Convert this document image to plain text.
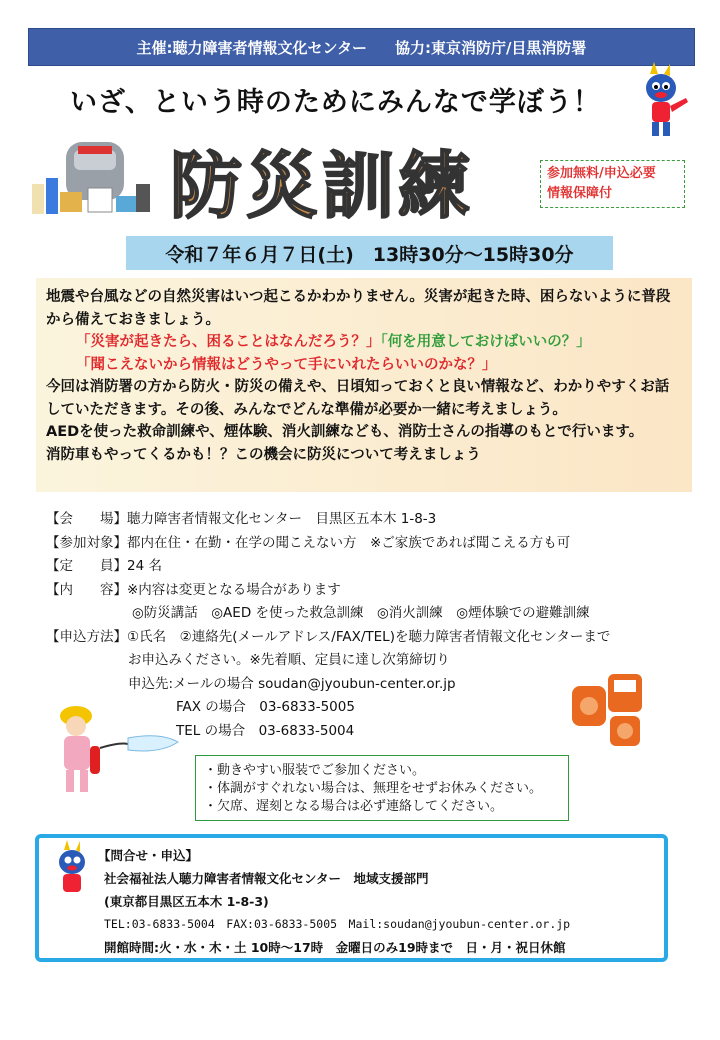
主催:聴力障害者情報文化センター 協力:東京消防庁/目黒消防署
いざ、という時のためにみんなで学ぼう！
防災訓練	参加無料/申込必要
情報保障付
令和７年６月７日(土)　13時30分～15時30分

地震や台風などの自然災害はいつ起こるかわかりません。災害が起きた時、困らないように普段から備えておきましょう。

「災害が起きたら、困ることはなんだろう？」「何を用意しておけばいいの？」

「聞こえないから情報はどうやって手にいれたらいいのかな？」

今回は消防署の方から防火・防災の備えや、日頃知っておくと良い情報など、わかりやすくお話していただきます。その後、みんなでどんな準備が必要か一緒に考えましょう。

AEDを使った救命訓練や、煙体験、消火訓練なども、消防士さんの指導のもとで行います。

消防車もやってくるかも！？この機会に防災について考えましょう

【会　　場】聴力障害者情報文化センター　目黒区五本木 1-8-3
【参加対象】都内在住・在勤・在学の聞こえない方　※ご家族であれば聞こえる方も可
【定　　員】24 名
【内　　容】※内容は変更となる場合があります
◎防災講話　◎AED を使った救急訓練　◎消火訓練　◎煙体験での避難訓練
【申込方法】①氏名　②連絡先(メールアドレス/FAX/TEL)を聴力障害者情報文化センターまで
お申込みください。※先着順、定員に達し次第締切り
申込先:メールの場合 soudan@jyoubun-center.or.jp
FAX の場合　03-6833-5005
TEL の場合　03-6833-5004
・動きやすい服装でご参加ください。
・体調がすぐれない場合は、無理をせずお休みください。
・欠席、遅刻となる場合は必ず連絡してください。
【問合せ・申込】
社会福祉法人聴力障害者情報文化センター　地域支援部門
(東京都目黒区五本木 1-8-3)
TEL:03-6833-5004　FAX:03-6833-5005　Mail:soudan@jyoubun-center.or.jp
開館時間:火・水・木・土 10時～17時　金曜日のみ19時まで　日・月・祝日休館
